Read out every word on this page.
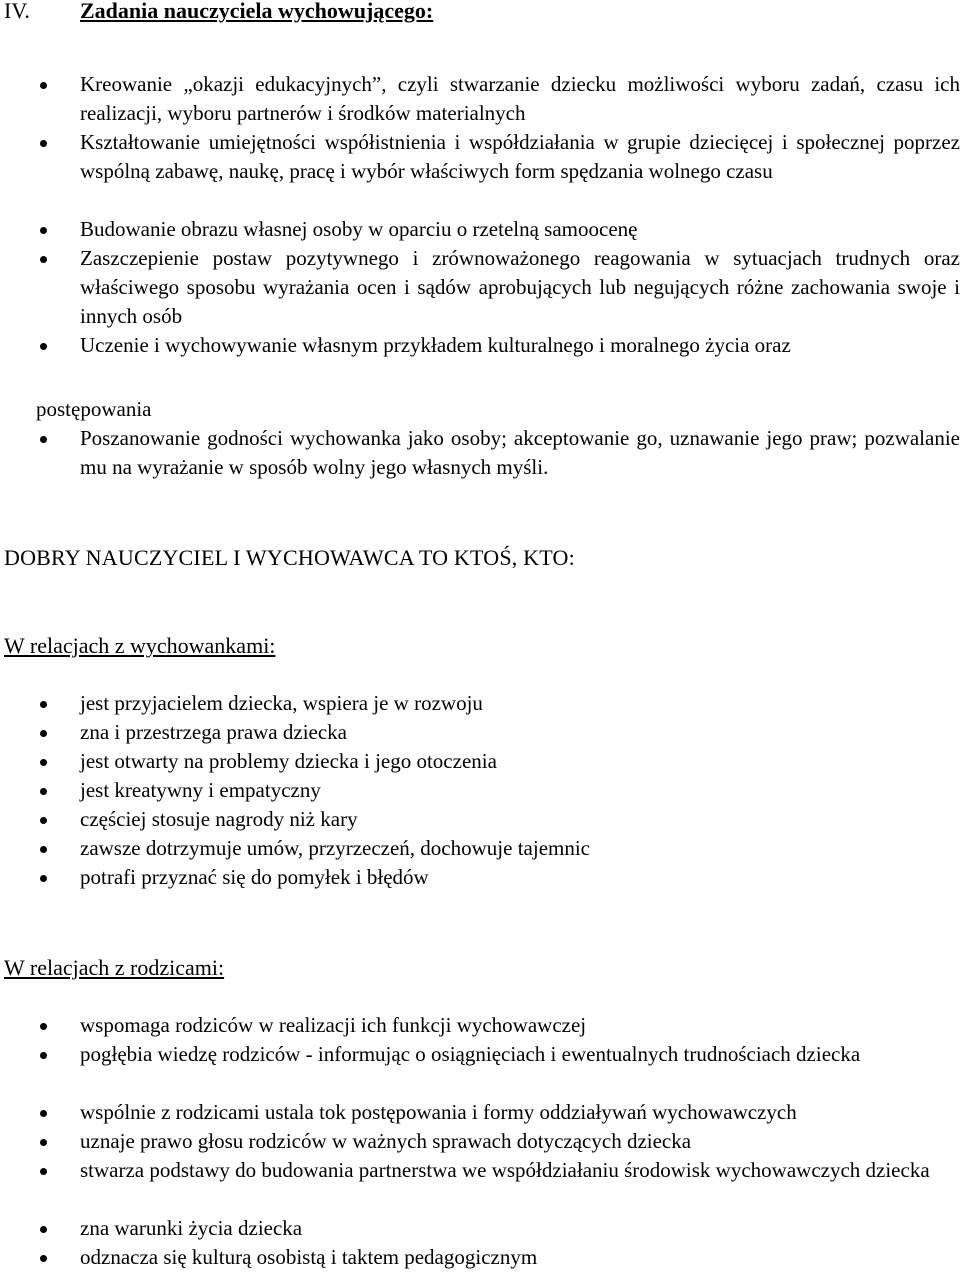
IV. Zadania nauczyciela wychowującego:
Kreowanie „okazji edukacyjnych”, czyli stwarzanie dziecku możliwości wyboru zadań, czasu ich realizacji, wyboru partnerów i środków materialnych
Kształtowanie umiejętności współistnienia i współdziałania w grupie dziecięcej i społecznej poprzez wspólną zabawę, naukę, pracę i wybór właściwych form spędzania wolnego czasu
Budowanie obrazu własnej osoby w oparciu o rzetelną samoocenę
Zaszczepienie postaw pozytywnego i zrównoważonego reagowania w sytuacjach trudnych oraz właściwego sposobu wyrażania ocen i sądów aprobujących lub negujących różne zachowania swoje i innych osób
Uczenie i wychowywanie własnym przykładem kulturalnego i moralnego życia oraz
postępowania
Poszanowanie godności wychowanka jako osoby; akceptowanie go, uznawanie jego praw; pozwalanie mu na wyrażanie w sposób wolny jego własnych myśli.
DOBRY NAUCZYCIEL I WYCHOWAWCA TO KTOŚ, KTO:
W relacjach z wychowankami:
jest przyjacielem dziecka, wspiera je w rozwoju
zna i przestrzega prawa dziecka
jest otwarty na problemy dziecka i jego otoczenia
jest kreatywny i empatyczny
częściej stosuje nagrody niż kary
zawsze dotrzymuje umów, przyrzeczeń, dochowuje tajemnic
potrafi przyznać się do pomyłek i błędów
W relacjach z rodzicami:
wspomaga rodziców w realizacji ich funkcji wychowawczej
pogłębia wiedzę rodziców - informując o osiągnięciach i ewentualnych trudnościach dziecka
wspólnie z rodzicami ustala tok postępowania i formy oddziaływań wychowawczych
uznaje prawo głosu rodziców w ważnych sprawach dotyczących dziecka
stwarza podstawy do budowania partnerstwa we współdziałaniu środowisk wychowawczych dziecka
zna warunki życia dziecka
odznacza się kulturą osobistą i taktem pedagogicznym
